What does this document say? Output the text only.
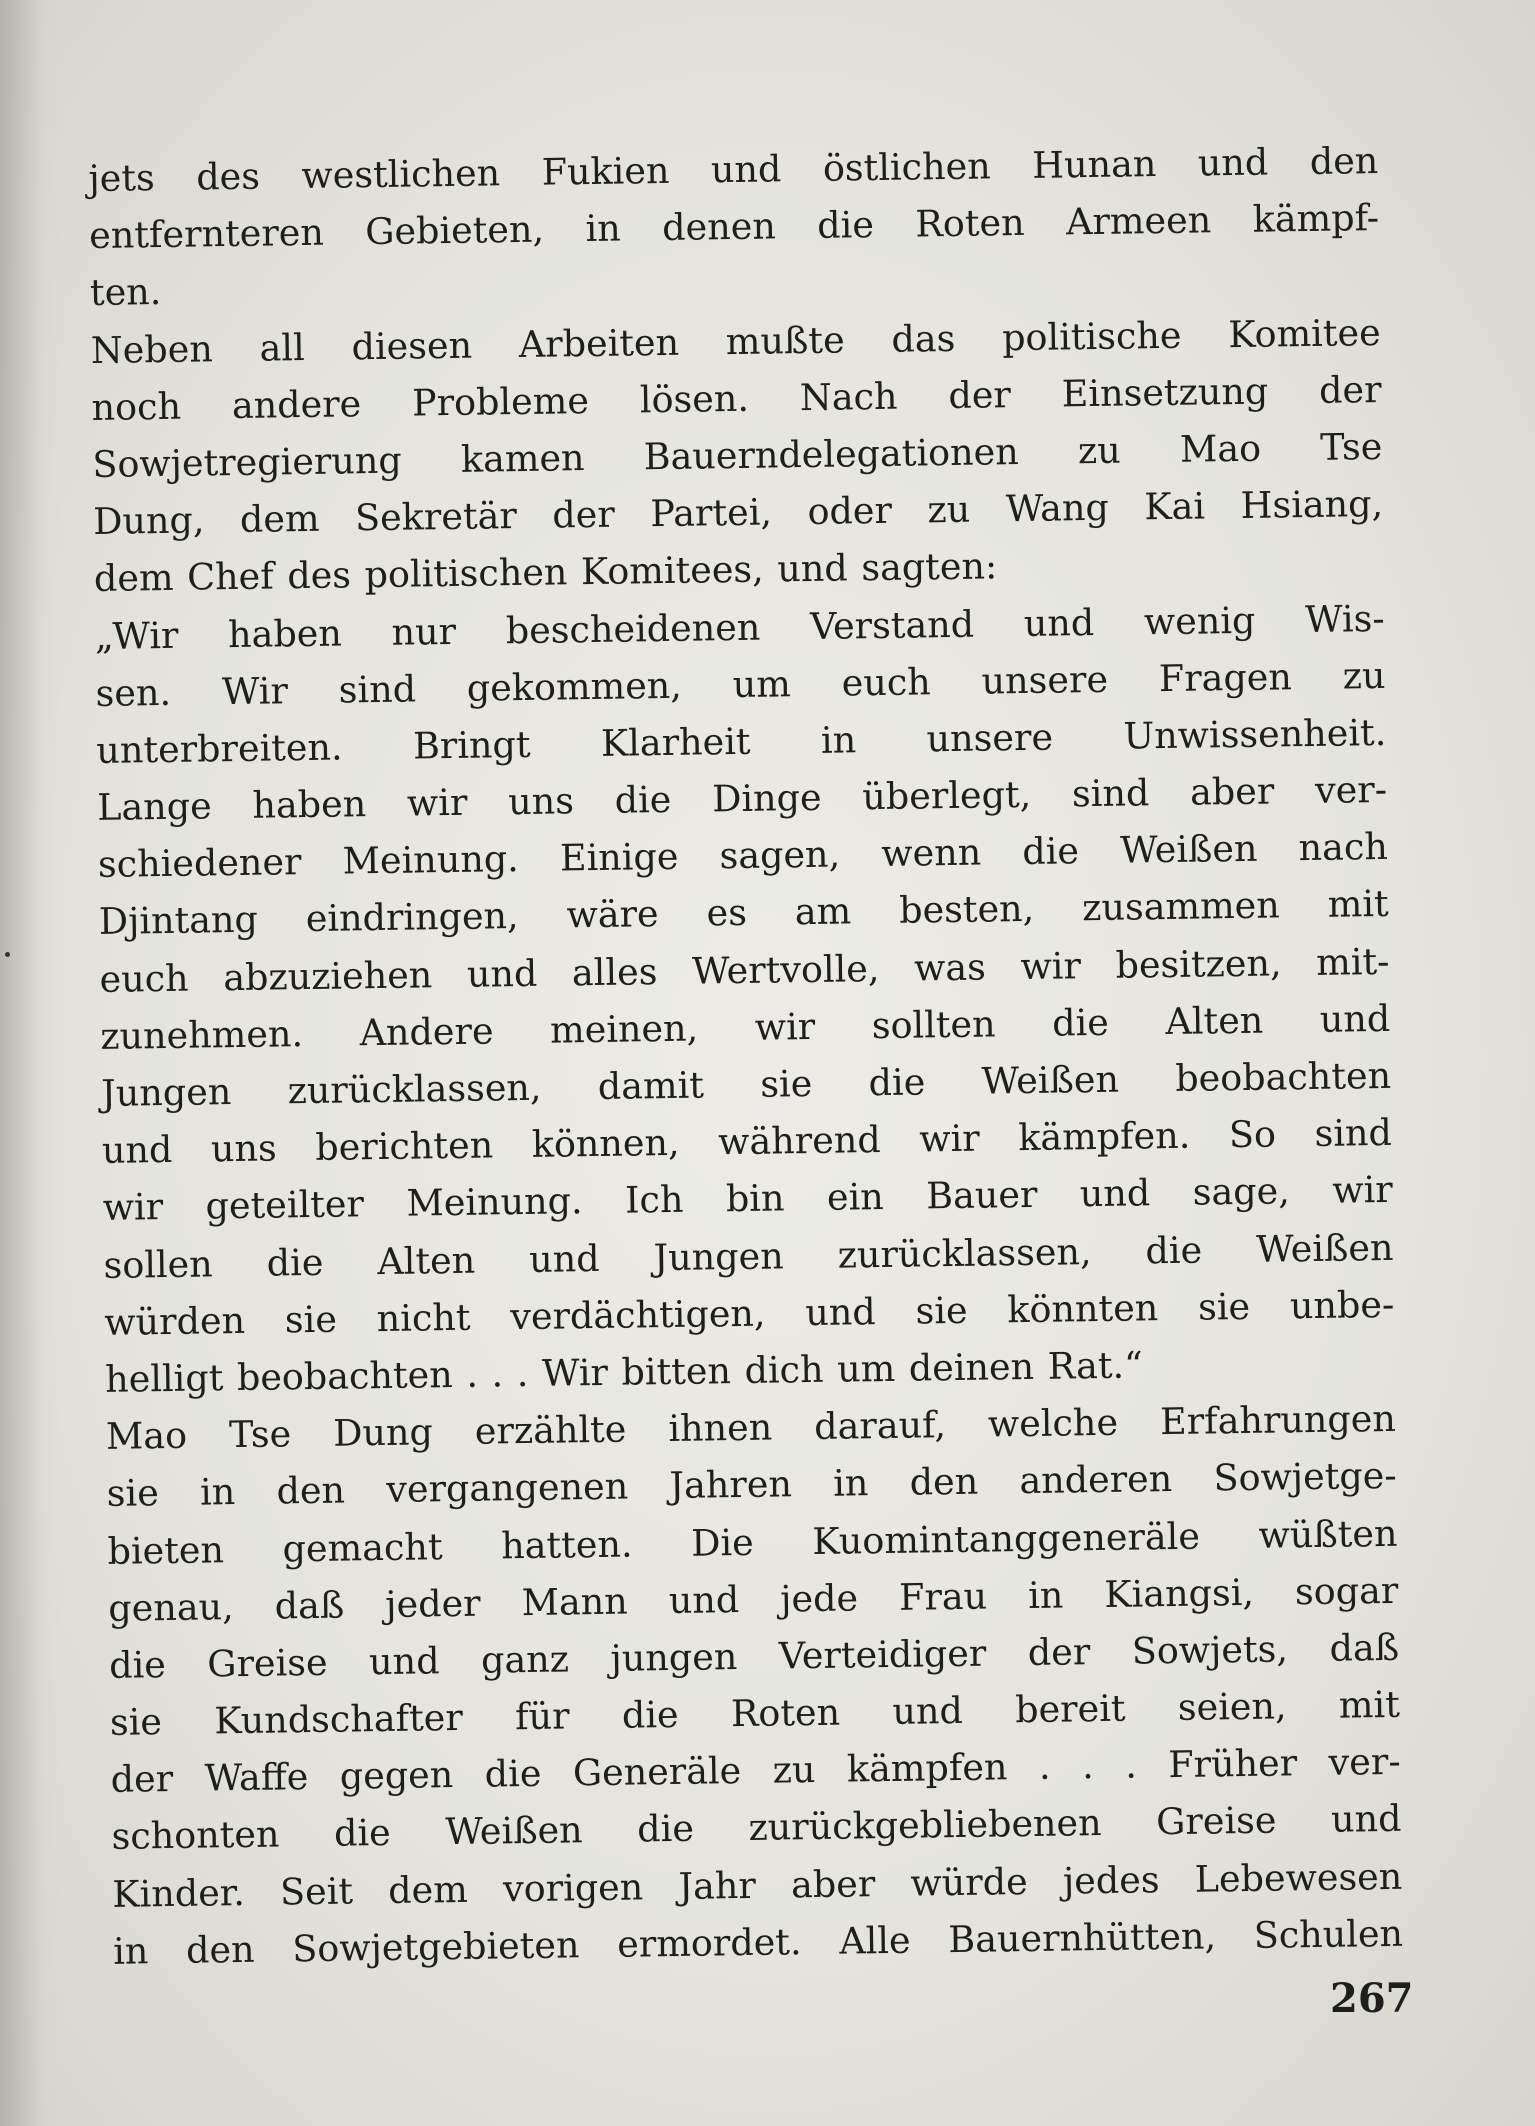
jets des westlichen Fukien und östlichen Hunan und den
entfernteren Gebieten, in denen die Roten Armeen kämpf-
ten.
Neben all diesen Arbeiten mußte das politische Komitee
noch andere Probleme lösen. Nach der Einsetzung der
Sowjetregierung kamen Bauerndelegationen zu Mao Tse
Dung, dem Sekretär der Partei, oder zu Wang Kai Hsiang,
dem Chef des politischen Komitees, und sagten:
„Wir haben nur bescheidenen Verstand und wenig Wis-
sen. Wir sind gekommen, um euch unsere Fragen zu
unterbreiten. Bringt Klarheit in unsere Unwissenheit.
Lange haben wir uns die Dinge überlegt, sind aber ver-
schiedener Meinung. Einige sagen, wenn die Weißen nach
Djintang eindringen, wäre es am besten, zusammen mit
euch abzuziehen und alles Wertvolle, was wir besitzen, mit-
zunehmen. Andere meinen, wir sollten die Alten und
Jungen zurücklassen, damit sie die Weißen beobachten
und uns berichten können, während wir kämpfen. So sind
wir geteilter Meinung. Ich bin ein Bauer und sage, wir
sollen die Alten und Jungen zurücklassen, die Weißen
würden sie nicht verdächtigen, und sie könnten sie unbe-
helligt beobachten . . . Wir bitten dich um deinen Rat.“
Mao Tse Dung erzählte ihnen darauf, welche Erfahrungen
sie in den vergangenen Jahren in den anderen Sowjetge-
bieten gemacht hatten. Die Kuomintanggeneräle wüßten
genau, daß jeder Mann und jede Frau in Kiangsi, sogar
die Greise und ganz jungen Verteidiger der Sowjets, daß
sie Kundschafter für die Roten und bereit seien, mit
der Waffe gegen die Generäle zu kämpfen . . . Früher ver-
schonten die Weißen die zurückgebliebenen Greise und
Kinder. Seit dem vorigen Jahr aber würde jedes Lebewesen
in den Sowjetgebieten ermordet. Alle Bauernhütten, Schulen
267
